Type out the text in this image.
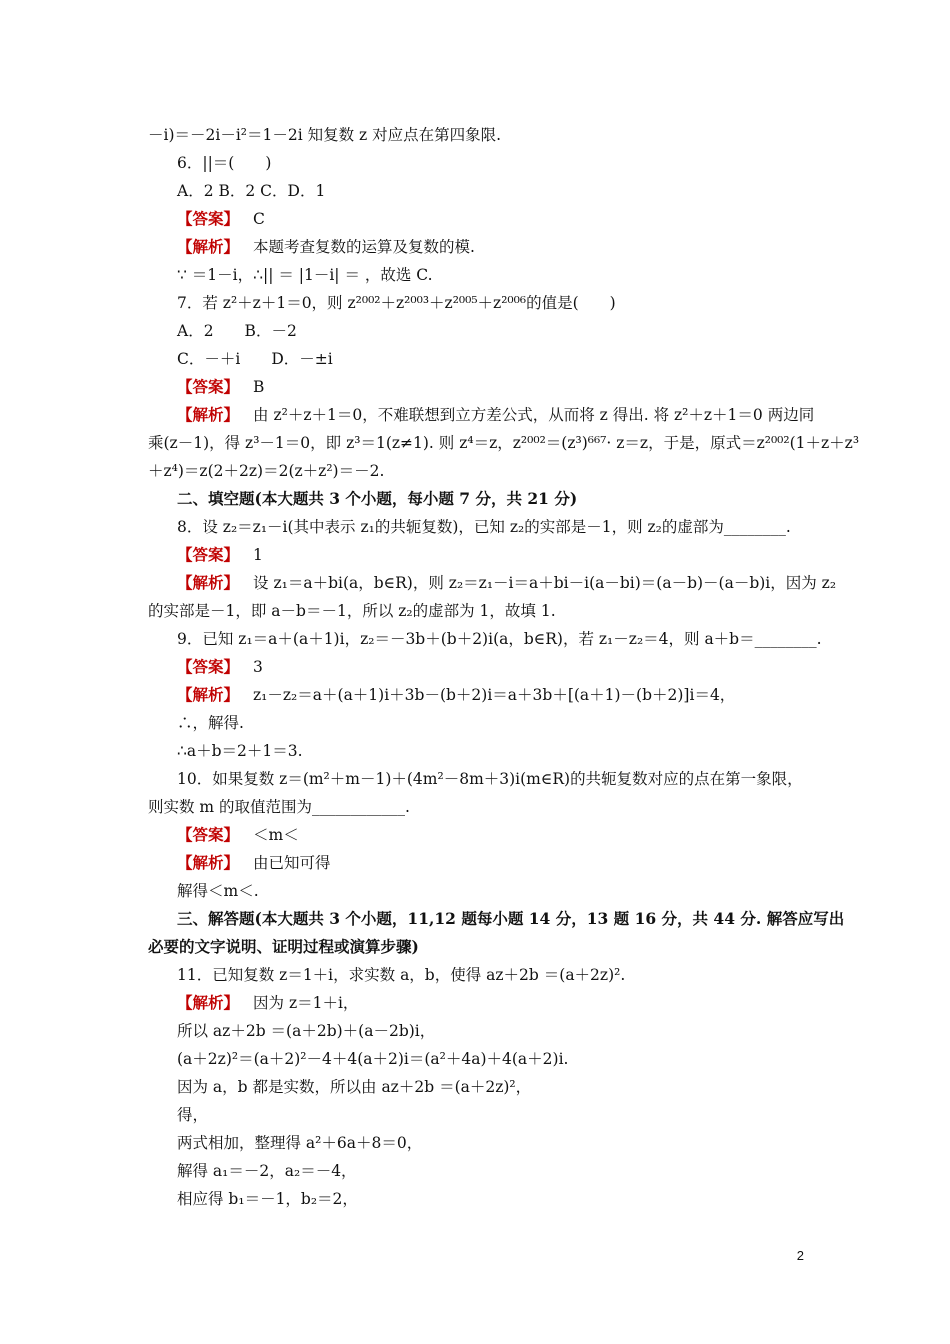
－i)＝－2i－i²＝1－2i 知复数 z 对应点在第四象限.
6．||＝(　　)
A．2 B．2 C．D．1
【答案】 C
【解析】 本题考查复数的运算及复数的模.
∵ ＝1－i，∴|| ＝ |1－i| ＝ ，故选 C.
7．若 z²＋z＋1＝0，则 z²⁰⁰²＋z²⁰⁰³＋z²⁰⁰⁵＋z²⁰⁰⁶的值是(　　)
A．2　　B．－2
C．－＋i　　D．－±i
【答案】 B
【解析】 由 z²＋z＋1＝0，不难联想到立方差公式，从而将 z 得出. 将 z²＋z＋1＝0 两边同
乘(z－1)，得 z³－1＝0，即 z³＝1(z≠1). 则 z⁴＝z，z²⁰⁰²＝(z³)⁶⁶⁷· z＝z，于是，原式＝z²⁰⁰²(1＋z＋z³
＋z⁴)＝z(2＋2z)＝2(z＋z²)＝－2.
二、填空题(本大题共 3 个小题，每小题 7 分，共 21 分)
8．设 z₂＝z₁－i(其中表示 z₁的共轭复数)，已知 z₂的实部是－1，则 z₂的虚部为________.
【答案】 1
【解析】 设 z₁＝a＋bi(a，b∈R)，则 z₂＝z₁－i＝a＋bi－i(a－bi)＝(a－b)－(a－b)i，因为 z₂
的实部是－1，即 a－b＝－1，所以 z₂的虚部为 1，故填 1.
9．已知 z₁＝a＋(a＋1)i，z₂＝－3b＋(b＋2)i(a，b∈R)，若 z₁－z₂＝4，则 a＋b＝________.
【答案】 3
【解析】 z₁－z₂＝a＋(a＋1)i＋3b－(b＋2)i＝a＋3b＋[(a＋1)－(b＋2)]i＝4，
∴，解得.
∴a＋b＝2＋1＝3.
10．如果复数 z＝(m²＋m－1)＋(4m²－8m＋3)i(m∈R)的共轭复数对应的点在第一象限，
则实数 m 的取值范围为____________.
【答案】 ＜m＜
【解析】 由已知可得
解得＜m＜.
三、解答题(本大题共 3 个小题，11,12 题每小题 14 分，13 题 16 分，共 44 分. 解答应写出
必要的文字说明、证明过程或演算步骤)
11．已知复数 z＝1＋i，求实数 a，b，使得 az＋2b ＝(a＋2z)².
【解析】 因为 z＝1＋i，
所以 az＋2b ＝(a＋2b)＋(a－2b)i，
(a＋2z)²＝(a＋2)²－4＋4(a＋2)i＝(a²＋4a)＋4(a＋2)i.
因为 a，b 都是实数，所以由 az＋2b ＝(a＋2z)²，
得，
两式相加，整理得 a²＋6a＋8＝0，
解得 a₁＝－2，a₂＝－4，
相应得 b₁＝－1，b₂＝2，
2
